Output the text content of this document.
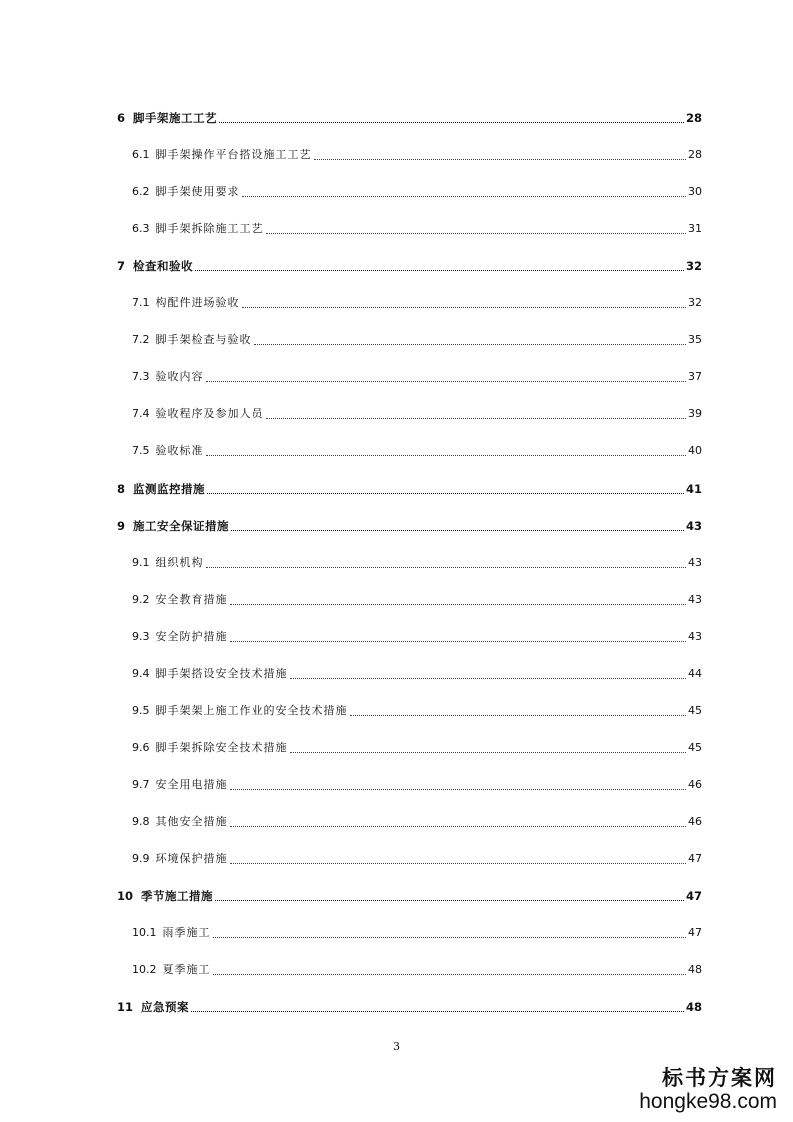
6 脚手架施工工艺	28
6.1 脚手架操作平台搭设施工工艺	28
6.2 脚手架使用要求	30
6.3 脚手架拆除施工工艺	31
7 检查和验收	32
7.1 构配件进场验收	32
7.2 脚手架检查与验收	35
7.3 验收内容	37
7.4 验收程序及参加人员	39
7.5 验收标准	40
8 监测监控措施	41
9 施工安全保证措施	43
9.1 组织机构	43
9.2 安全教育措施	43
9.3 安全防护措施	43
9.4 脚手架搭设安全技术措施	44
9.5 脚手架架上施工作业的安全技术措施	45
9.6 脚手架拆除安全技术措施	45
9.7 安全用电措施	46
9.8 其他安全措施	46
9.9 环境保护措施	47
10 季节施工措施	47
10.1 雨季施工	47
10.2 夏季施工	48
11 应急预案	48
3
标书方案网
hongke98.com
